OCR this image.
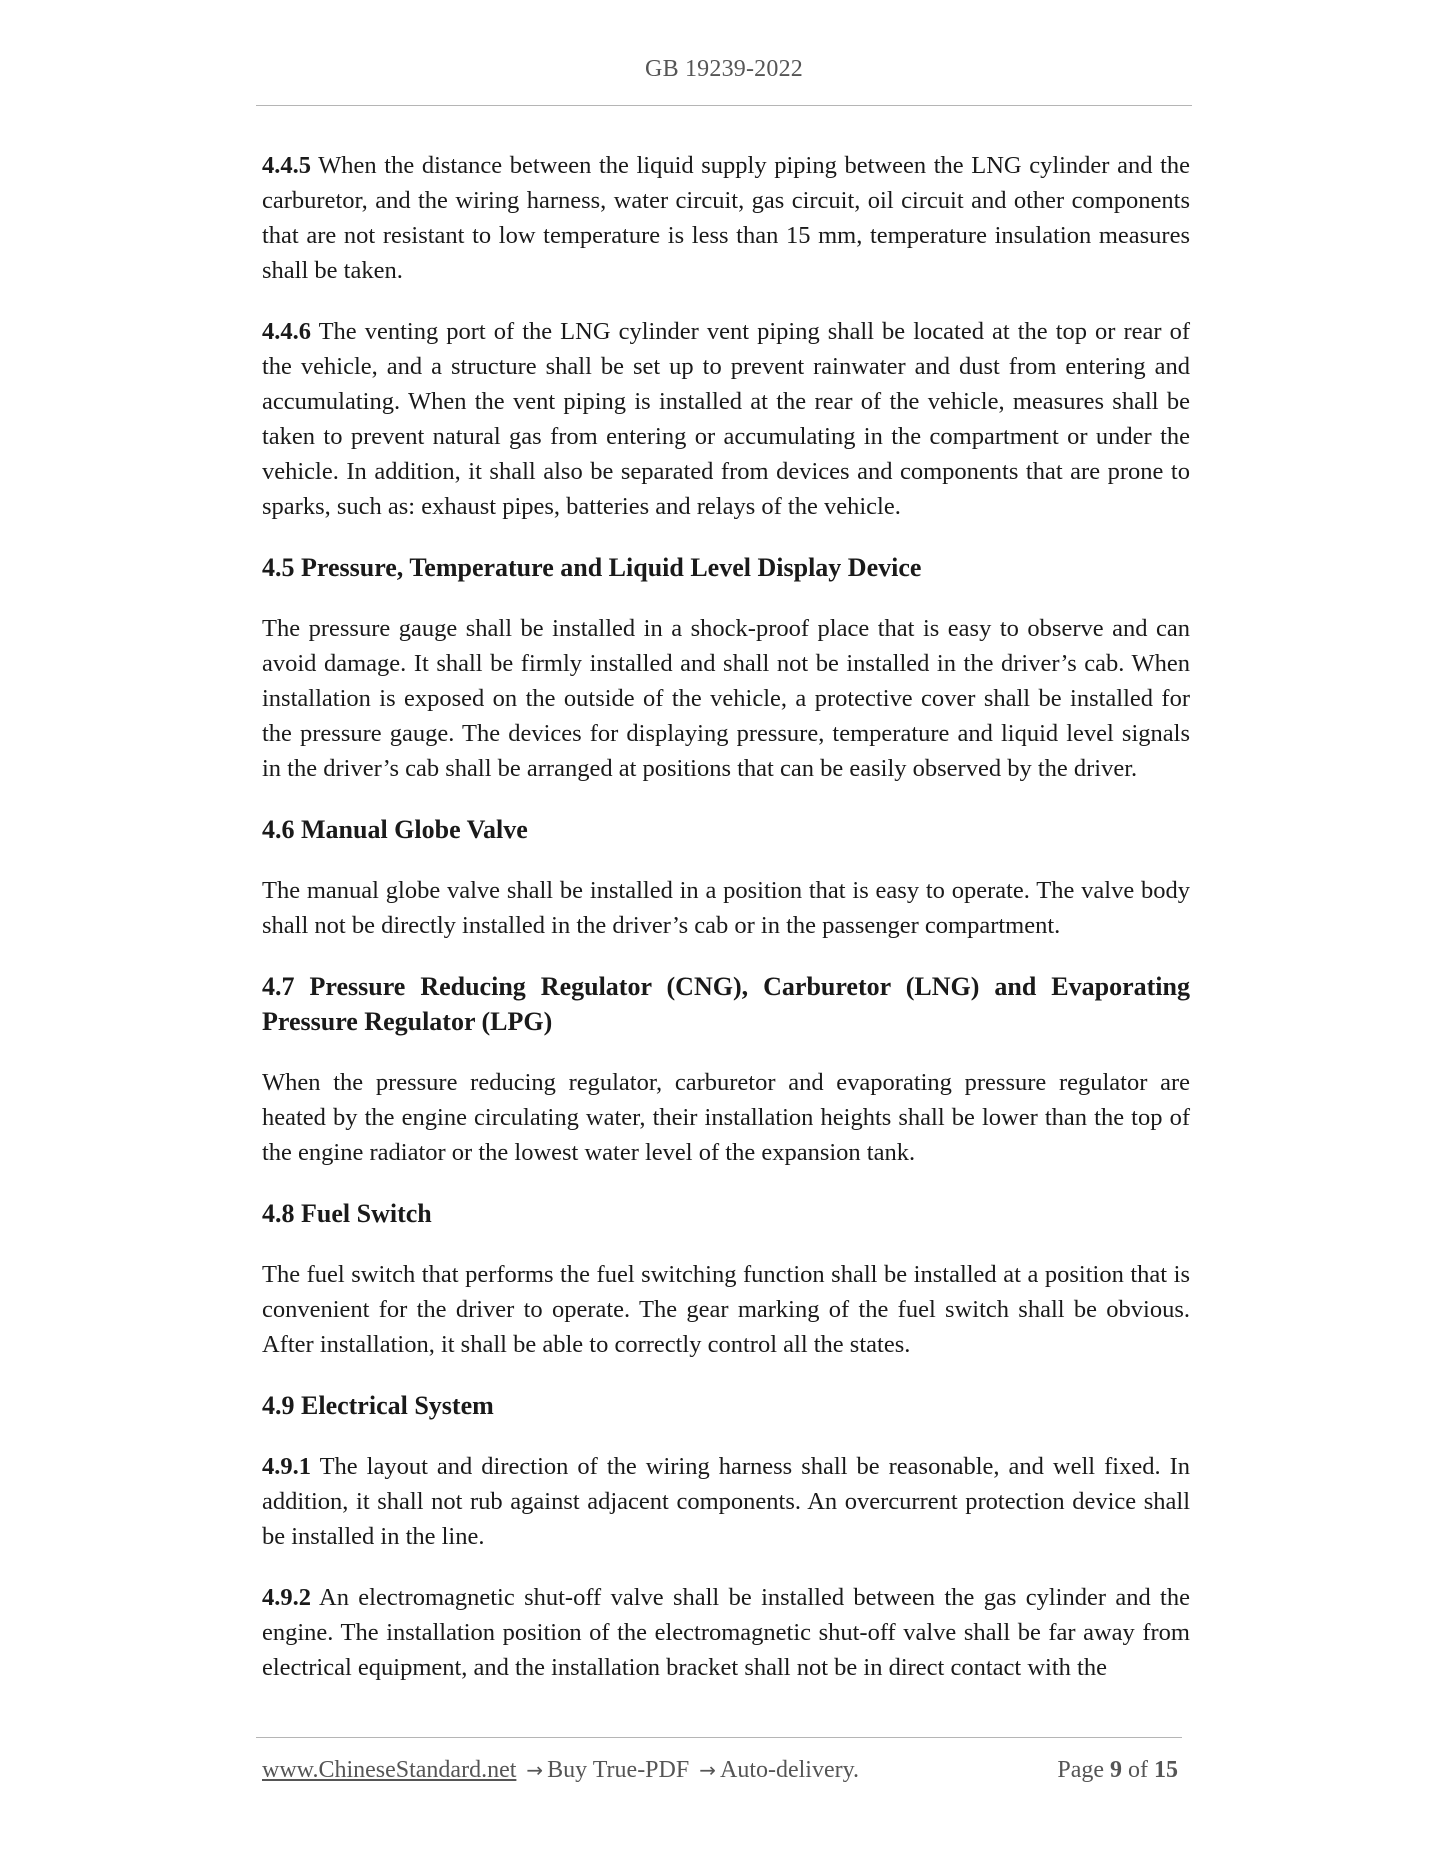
GB 19239-2022

4.4.5 When the distance between the liquid supply piping between the LNG cylinder and the carburetor, and the wiring harness, water circuit, gas circuit, oil circuit and other components that are not resistant to low temperature is less than 15 mm, temperature insulation measures shall be taken.

4.4.6 The venting port of the LNG cylinder vent piping shall be located at the top or rear of the vehicle, and a structure shall be set up to prevent rainwater and dust from entering and accumulating. When the vent piping is installed at the rear of the vehicle, measures shall be taken to prevent natural gas from entering or accumulating in the compartment or under the vehicle. In addition, it shall also be separated from devices and components that are prone to sparks, such as: exhaust pipes, batteries and relays of the vehicle.

4.5 Pressure, Temperature and Liquid Level Display Device

The pressure gauge shall be installed in a shock-proof place that is easy to observe and can avoid damage. It shall be firmly installed and shall not be installed in the driver’s cab. When installation is exposed on the outside of the vehicle, a protective cover shall be installed for the pressure gauge. The devices for displaying pressure, temperature and liquid level signals in the driver’s cab shall be arranged at positions that can be easily observed by the driver.

4.6 Manual Globe Valve

The manual globe valve shall be installed in a position that is easy to operate. The valve body shall not be directly installed in the driver’s cab or in the passenger compartment.

4.7 Pressure Reducing Regulator (CNG), Carburetor (LNG) and Evaporating Pressure Regulator (LPG)

When the pressure reducing regulator, carburetor and evaporating pressure regulator are heated by the engine circulating water, their installation heights shall be lower than the top of the engine radiator or the lowest water level of the expansion tank.

4.8 Fuel Switch

The fuel switch that performs the fuel switching function shall be installed at a position that is convenient for the driver to operate. The gear marking of the fuel switch shall be obvious. After installation, it shall be able to correctly control all the states.

4.9 Electrical System

4.9.1 The layout and direction of the wiring harness shall be reasonable, and well fixed. In addition, it shall not rub against adjacent components. An overcurrent protection device shall be installed in the line.

4.9.2 An electromagnetic shut-off valve shall be installed between the gas cylinder and the engine. The installation position of the electromagnetic shut-off valve shall be far away from electrical equipment, and the installation bracket shall not be in direct contact with the

www.ChineseStandard.net → Buy True-PDF → Auto-delivery.	Page 9 of 15
